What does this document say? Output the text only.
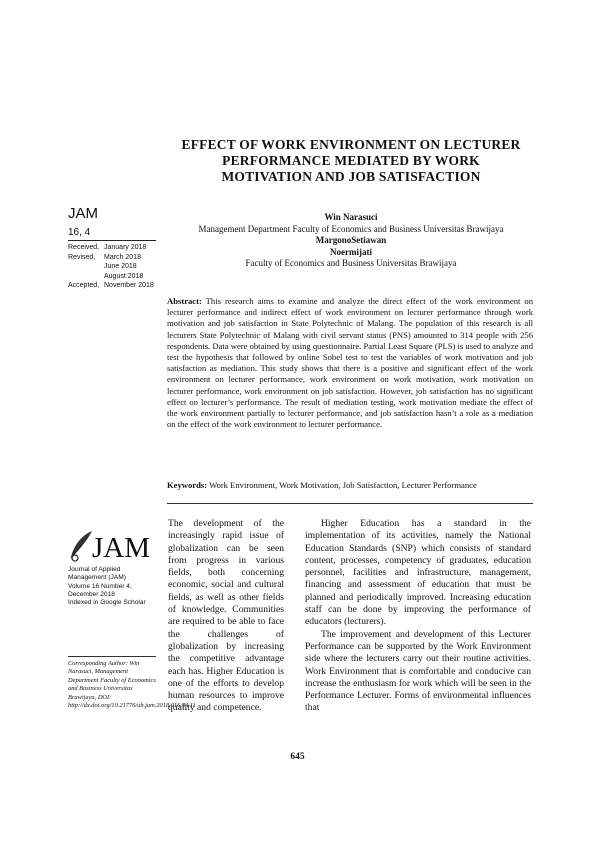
EFFECT OF WORK ENVIRONMENT ON LECTURER
PERFORMANCE MEDIATED BY WORK
MOTIVATION AND JOB SATISFACTION
JAM
16, 4
Received, January 2018
Revised,	March 2018
June 2018
August 2018
Accepted, November 2018
Win Narasuci
Management Department Faculty of Economics and Business Universitas Brawijaya
MargonoSetiawan
Noermijati
Faculty of Economics and Business Universitas Brawijaya
Abstract: This research aims to examine and analyze the direct effect of the work environment on lecturer performance and indirect effect of work environment on lecturer performance through work motivation and job satisfaction in State Polytechnic of Malang. The population of this research is all lecturers State Polytechnic of Malang with civil servant status (PNS) amounted to 314 people with 256 respondents. Data were obtained by using questionnaire. Partial Least Square (PLS) is used to analyze and test the hypothesis that followed by online Sobel test to test the variables of work motivation and job satisfaction as mediation. This study shows that there is a positive and significant effect of the work environment on lecturer performance, work environment on work motivation, work motivation on lecturer performance, work environment on job satisfaction. However, job satisfaction has no significant effect on lecturer’s performance. The result of mediation testing, work motivation mediate the effect of the work environment partially to lecturer performance, and job satisfaction hasn’t a role as a mediation on the effect of the work environment to lecturer performance.
Keywords: Work Environment, Work Motivation, Job Satisfaction, Lecturer Performance
JAM
Journal of Applied
Management (JAM)
Volume 16 Number 4,
December 2018
Indexed in Google Scholar
Corresponding Author: Win Narasuci, Management Department Faculty of Economics and Business Universitas Brawijaya, DOI: http://dx.doi.org/10.21776/ub.jam.2018.016.04.11
The development of the increasingly rapid issue of globalization can be seen from progress in various fields, both concerning economic, social and cultural fields, as well as other fields of knowledge. Communities are required to be able to face the challenges of globalization by increasing the competitive advantage each has. Higher Education is one of the efforts to develop human resources to improve quality and competence.

Higher Education has a standard in the implementation of its activities, namely the National Education Standards (SNP) which consists of standard content, processes, competency of graduates, education personnel, facilities and infrastructure, management, financing and assessment of education that must be planned and periodically improved. Increasing education staff can be done by improving the performance of educators (lecturers).

The improvement and development of this Lecturer Performance can be supported by the Work Environment side where the lecturers carry out their routine activities. Work Environment that is comfortable and conducive can increase the enthusiasm for work which will be seen in the Performance Lecturer. Forms of environmental influences that

645
